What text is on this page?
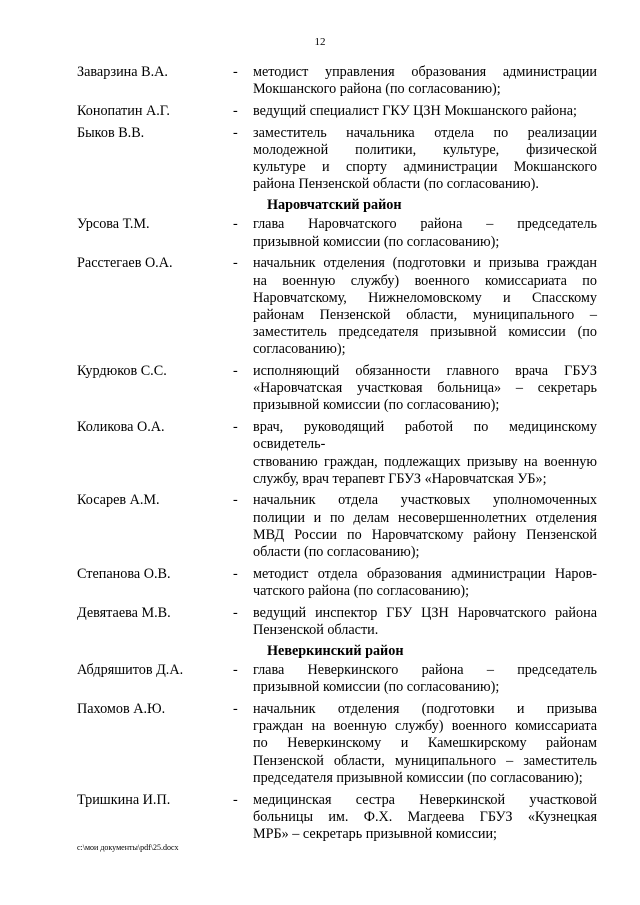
12
Заварзина В.А.	-	методист управления образования администрации
Мокшанского района (по согласованию);
Конопатин А.Г.	-	ведущий специалист ГКУ ЦЗН Мокшанского района;
Быков В.В.	-	заместитель начальника отдела по реализации
молодежной политики, культуре, физической
культуре и спорту администрации Мокшанского
района Пензенской области (по согласованию).
Наровчатский район
Урсова Т.М.	-	глава Наровчатского района – председатель
призывной комиссии (по согласованию);
Расстегаев О.А.	-	начальник отделения (подготовки и призыва граждан
на военную службу) военного комиссариата по
Наровчатскому, Нижнеломовскому и Спасскому
районам Пензенской области, муниципального –
заместитель председателя призывной комиссии (по
согласованию);
Курдюков С.С.	-	исполняющий обязанности главного врача ГБУЗ
«Наровчатская участковая больница» – секретарь
призывной комиссии (по согласованию);
Коликова О.А.	-	врач, руководящий работой по медицинскому освидетель-
ствованию граждан, подлежащих призыву на военную
службу, врач терапевт ГБУЗ «Наровчатская УБ»;
Косарев А.М.	-	начальник отдела участковых уполномоченных
полиции и по делам несовершеннолетних отделения
МВД России по Наровчатскому району Пензенской
области (по согласованию);
Степанова О.В.	-	методист отдела образования администрации Наров-
чатского района (по согласованию);
Девятаева М.В.	-	ведущий инспектор ГБУ ЦЗН Наровчатского района
Пензенской области.
Неверкинский район
Абдряшитов Д.А.	-	глава Неверкинского района – председатель
призывной комиссии (по согласованию);
Пахомов А.Ю.	-	начальник отделения (подготовки и призыва
граждан на военную службу) военного комиссариата
по Неверкинскому и Камешкирскому районам
Пензенской области, муниципального – заместитель
председателя призывной комиссии (по согласованию);
Тришкина И.П.	-	медицинская сестра Неверкинской участковой
больницы им. Ф.Х. Магдеева ГБУЗ «Кузнецкая
МРБ» – секретарь призывной комиссии;
c:\мои документы\pdf\25.docx
